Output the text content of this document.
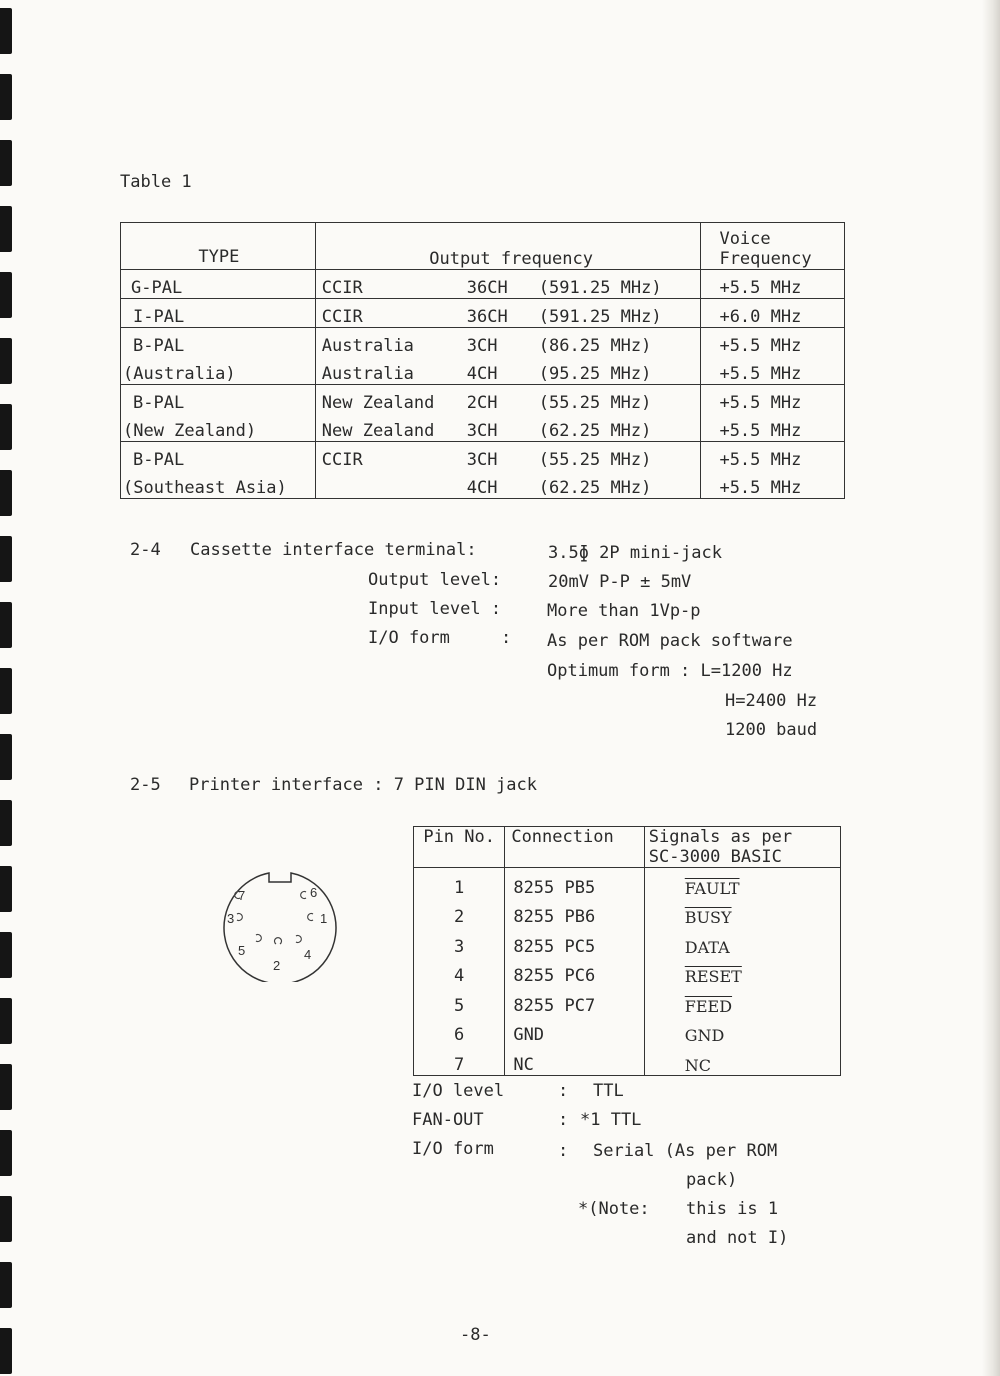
Table 1
TYPE	Output frequency	Voice
Frequency
G-PAL	CCIR 36CH (591.25 MHz)	+5.5 MHz
I-PAL	CCIR 36CH (591.25 MHz)	+6.0 MHz
B-PAL	Australia 3CH (86.25 MHz)	+5.5 MHz
(Australia)	Australia 4CH (95.25 MHz)	+5.5 MHz
B-PAL	New Zealand 2CH (55.25 MHz)	+5.5 MHz
(New Zealand)	New Zealand 3CH (62.25 MHz)	+5.5 MHz
B-PAL	CCIR 3CH (55.25 MHz)	+5.5 MHz
(Southeast Asia)	4CH (62.25 MHz)	+5.5 MHz
2-4 Cassette interface terminal:	3.5ɸ 2P mini-jack
Output level:	20mV P-P ± 5mV
Input level :	More than 1Vp-p
I/O form     : As per ROM pack software
Optimum form : L=1200 Hz
H=2400 Hz
1200 baud
2-5 Printer interface : 7 PIN DIN jack
1
2
3
4
5
6
7
Pin No.	Connection	Signals as per
SC-3000 BASIC
1	8255 PB5	FAULT
2	8255 PB6	BUSY
3	8255 PC5	DATA
4	8255 PC6	RESET
5	8255 PC7	FEED
6	GND	GND
7	NC	NC
I/O level	: TTL
FAN-OUT	: *1 TTL
I/O form	: Serial (As per ROM
pack)
*(Note: this is 1
and not I)
-8-
